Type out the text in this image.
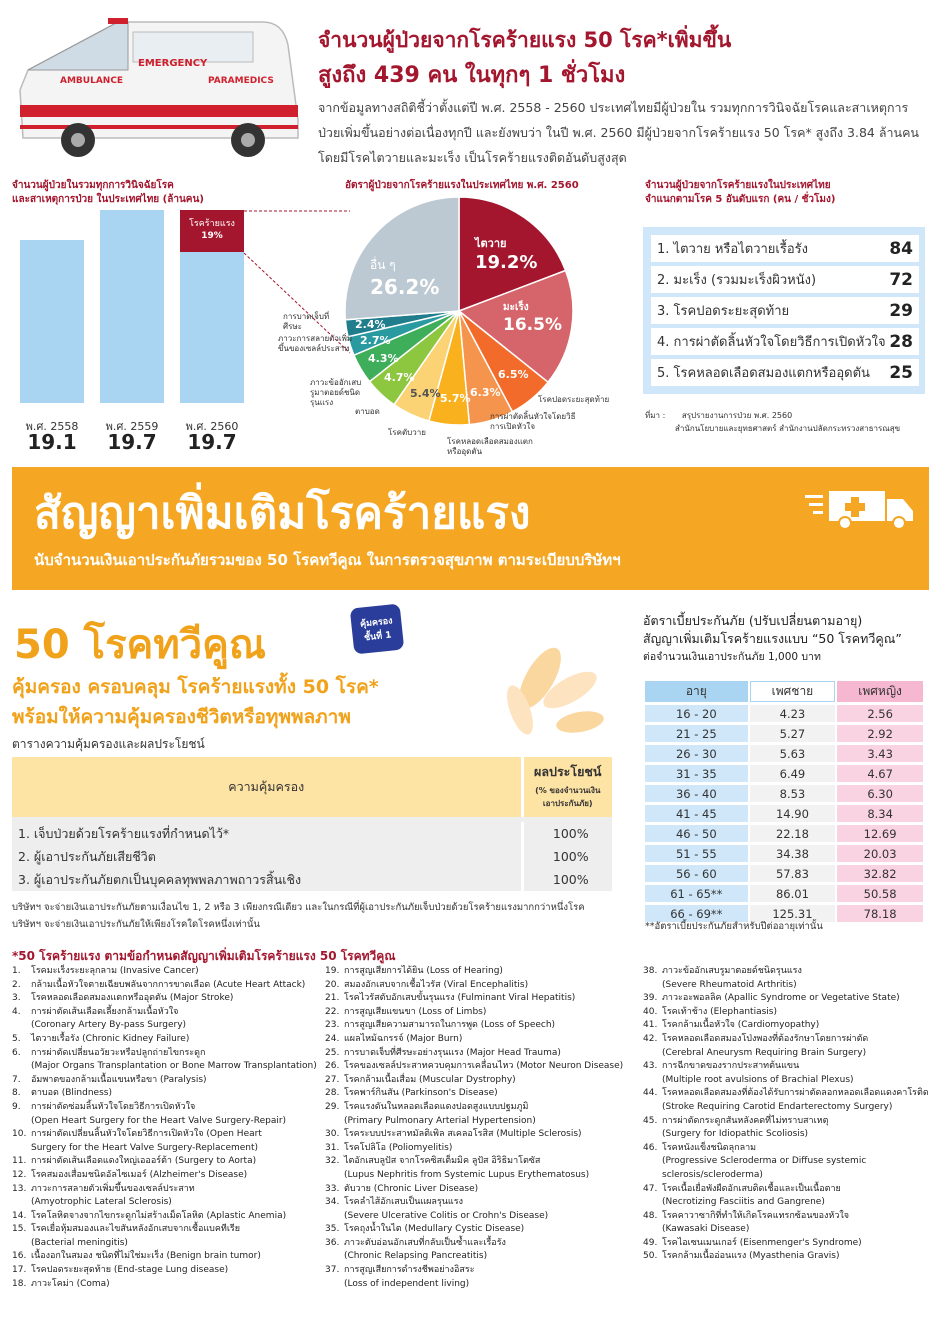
EMERGENCY
AMBULANCE	PARAMEDICS
จำนวนผู้ป่วยจากโรคร้ายแรง 50 โรค*เพิ่มขึ้น
สูงถึง 439 คน ในทุกๆ 1 ชั่วโมง
จากข้อมูลทางสถิติชี้ว่าตั้งแต่ปี พ.ศ. 2558 - 2560 ประเทศไทยมีผู้ป่วยใน รวมทุกการวินิจฉัยโรคและสาเหตุการป่วยเพิ่มขึ้นอย่างต่อเนื่องทุกปี และยังพบว่า ในปี พ.ศ. 2560 มีผู้ป่วยจากโรคร้ายแรง 50 โรค* สูงถึง 3.84 ล้านคน โดยมีโรคไตวายและมะเร็ง เป็นโรคร้ายแรงติดอันดับสูงสุด
จำนวนผู้ป่วยในรวมทุกการวินิจฉัยโรค
และสาเหตุการป่วย ในประเทศไทย (ล้านคน)
โรคร้ายแรง
19%
พ.ศ. 2558	พ.ศ. 2559	พ.ศ. 2560
19.1	19.7	19.7
อัตราผู้ป่วยจากโรคร้ายแรงในประเทศไทย พ.ศ. 2560
อื่น ๆ
26.2%
ไตวาย
19.2%
มะเร็ง
16.5%
6.5%
6.3%
5.7%
5.4%
4.7%
4.3%
2.7%
2.4%
โรคปอดระยะสุดท้าย
การผ่าตัดลิ้นหัวใจโดยวิธีการเปิดหัวใจ
โรคหลอดเลือดสมองแตกหรืออุดตัน
โรคตับวาย
ตาบอด
ภาวะข้ออักเสบรูมาตอยด์ชนิดรุนแรง
ภาวะการสลายตัวเพิ่มขึ้นของเซลล์ประสาท
การบาดเจ็บที่ศีรษะ
จำนวนผู้ป่วยจากโรคร้ายแรงในประเทศไทย
จำแนกตามโรค 5 อันดับแรก (คน / ชั่วโมง)
1. ไตวาย หรือไตวายเรื้อรัง	84
2. มะเร็ง (รวมมะเร็งผิวหนัง)	72
3. โรคปอดระยะสุดท้าย	29
4. การผ่าตัดลิ้นหัวใจโดยวิธีการเปิดหัวใจ 28
5. โรคหลอดเลือดสมองแตกหรืออุดตัน 25
ที่มา : สรุปรายงานการป่วย พ.ศ. 2560
สำนักนโยบายและยุทธศาสตร์ สำนักงานปลัดกระทรวงสาธารณสุข
สัญญาเพิ่มเติมโรคร้ายแรง
นับจำนวนเงินเอาประกันภัยรวมของ 50 โรคทวีคูณ ในการตรวจสุขภาพ ตามระเบียบบริษัทฯ
50 โรคทวีคูณ	คุ้มครอง
ชั้นที่ 1
คุ้มครอง ครอบคลุม โรคร้ายแรงทั้ง 50 โรค*
พร้อมให้ความคุ้มครองชีวิตหรือทุพพลภาพ
ตารางความคุ้มครองและผลประโยชน์
ความคุ้มครอง	ผลประโยชน์
(% ของจำนวนเงินเอาประกันภัย)

1. เจ็บป่วยด้วยโรคร้ายแรงที่กำหนดไว้*	100%
2. ผู้เอาประกันภัยเสียชีวิต	100%
3. ผู้เอาประกันภัยตกเป็นบุคคลทุพพลภาพถาวรสิ้นเชิง	100%
บริษัทฯ จะจ่ายเงินเอาประกันภัยตามเงื่อนไข 1, 2 หรือ 3 เพียงกรณีเดียว และในกรณีที่ผู้เอาประกันภัยเจ็บป่วยด้วยโรคร้ายแรงมากกว่าหนึ่งโรค บริษัทฯ จะจ่ายเงินเอาประกันภัยให้เพียงโรคใดโรคหนึ่งเท่านั้น
อัตราเบี้ยประกันภัย (ปรับเปลี่ยนตามอายุ)
สัญญาเพิ่มเติมโรคร้ายแรงแบบ “50 โรคทวีคูณ”
ต่อจำนวนเงินเอาประกันภัย 1,000 บาท
อายุ	เพศชาย	เพศหญิง
16 - 20	4.23	2.56
21 - 25	5.27	2.92
26 - 30	5.63	3.43
31 - 35	6.49	4.67
36 - 40	8.53	6.30
41 - 45	14.90	8.34
46 - 50	22.18	12.69
51 - 55	34.38	20.03
56 - 60	57.83	32.82
61 - 65**	86.01	50.58
66 - 69**	125.31	78.18
**อัตราเบี้ยประกันภัยสำหรับปีต่ออายุเท่านั้น
*50 โรคร้ายแรง ตามข้อกำหนดสัญญาเพิ่มเติมโรคร้ายแรง 50 โรคทวีคูณ
1.	โรคมะเร็งระยะลุกลาม (Invasive Cancer)
2.	กล้ามเนื้อหัวใจตายเฉียบพลันจากการขาดเลือด (Acute Heart Attack)
3.	โรคหลอดเลือดสมองแตกหรืออุดตัน (Major Stroke)
4.	การผ่าตัดเส้นเลือดเลี้ยงกล้ามเนื้อหัวใจ
(Coronary Artery By-pass Surgery)
5.	ไตวายเรื้อรัง (Chronic Kidney Failure)
6.	การผ่าตัดเปลี่ยนอวัยวะหรือปลูกถ่ายไขกระดูก
(Major Organs Transplantation or Bone Marrow Transplantation)
7.	อัมพาตของกล้ามเนื้อแขนหรือขา (Paralysis)
8.	ตาบอด (Blindness)
9.	การผ่าตัดซ่อมลิ้นหัวใจโดยวิธีการเปิดหัวใจ
(Open Heart Surgery for the Heart Valve Surgery-Repair)
10. การผ่าตัดเปลี่ยนลิ้นหัวใจโดยวิธีการเปิดหัวใจ (Open Heart
Surgery for the Heart Valve Surgery-Replacement)
11. การผ่าตัดเส้นเลือดแดงใหญ่เอออร์ต้า (Surgery to Aorta)
12. โรคสมองเสื่อมชนิดอัลไซเมอร์ (Alzheimer's Disease)
13. ภาวะการสลายตัวเพิ่มขึ้นของเซลล์ประสาท
(Amyotrophic Lateral Sclerosis)
14. โรคโลหิตจางจากไขกระดูกไม่สร้างเม็ดโลหิต (Aplastic Anemia)
15. โรคเยื่อหุ้มสมองและไขสันหลังอักเสบจากเชื้อแบคทีเรีย
(Bacterial meningitis)
16. เนื้องอกในสมอง ชนิดที่ไม่ใช่มะเร็ง (Benign brain tumor)
17. โรคปอดระยะสุดท้าย (End-stage Lung disease)
18. ภาวะโคม่า (Coma)
19. การสูญเสียการได้ยิน (Loss of Hearing)
20. สมองอักเสบจากเชื้อไวรัส (Viral Encephalitis)
21. โรคไวรัสตับอักเสบขั้นรุนแรง (Fulminant Viral Hepatitis)
22. การสูญเสียแขนขา (Loss of Limbs)
23. การสูญเสียความสามารถในการพูด (Loss of Speech)
24. แผลไหม้ฉกรรจ์ (Major Burn)
25. การบาดเจ็บที่ศีรษะอย่างรุนแรง (Major Head Trauma)
26. โรคของเซลล์ประสาทควบคุมการเคลื่อนไหว (Motor Neuron Disease)
27. โรคกล้ามเนื้อเสื่อม (Muscular Dystrophy)
28. โรคพาร์กินสัน (Parkinson's Disease)
29. โรคแรงดันในหลอดเลือดแดงปอดสูงแบบปฐมภูมิ
(Primary Pulmonary Arterial Hypertension)
30. โรคระบบประสาทมัลติเพิล สเคลอโรสิส (Multiple Sclerosis)
31. โรคโปลิโอ (Poliomyelitis)
32. ไตอักเสบลูปัส จากโรคซิสเต็มมิค ลูปัส อิริธิมาโตซัส
(Lupus Nephritis from Systemic Lupus Erythematosus)
33. ตับวาย (Chronic Liver Disease)
34. โรคลำไส้อักเสบเป็นแผลรุนแรง
(Severe Ulcerative Colitis or Crohn's Disease)
35. โรคถุงน้ำในไต (Medullary Cystic Disease)
36. ภาวะตับอ่อนอักเสบที่กลับเป็นซ้ำและเรื้อรัง
(Chronic Relapsing Pancreatitis)
37. การสูญเสียการดำรงชีพอย่างอิสระ
(Loss of independent living)
38. ภาวะข้ออักเสบรูมาตอยด์ชนิดรุนแรง
(Severe Rheumatoid Arthritis)
39. ภาวะอะพอลลิค (Apallic Syndrome or Vegetative State)
40. โรคเท้าช้าง (Elephantiasis)
41. โรคกล้ามเนื้อหัวใจ (Cardiomyopathy)
42. โรคหลอดเลือดสมองโป่งพองที่ต้องรักษาโดยการผ่าตัด
(Cerebral Aneurysm Requiring Brain Surgery)
43. การฉีกขาดของรากประสาทต้นแขน
(Multiple root avulsions of Brachial Plexus)
44. โรคหลอดเลือดสมองที่ต้องได้รับการผ่าตัดลอกหลอดเลือดแดงคาโรติด
(Stroke Requiring Carotid Endarterectomy Surgery)
45. การผ่าตัดกระดูกสันหลังคดที่ไม่ทราบสาเหตุ
(Surgery for Idiopathic Scoliosis)
46. โรคหนังแข็งชนิดลุกลาม
(Progressive Scleroderma or Diffuse systemic sclerosis/scleroderma)
47. โรคเนื้อเยื่อพังผืดอักเสบติดเชื้อและเป็นเนื้อตาย
(Necrotizing Fasciitis and Gangrene)
48. โรคคาวาซากิที่ทำให้เกิดโรคแทรกซ้อนของหัวใจ
(Kawasaki Disease)
49. โรคไอเซนเมนเกอร์ (Eisenmenger's Syndrome)
50. โรคกล้ามเนื้ออ่อนแรง (Myasthenia Gravis)
